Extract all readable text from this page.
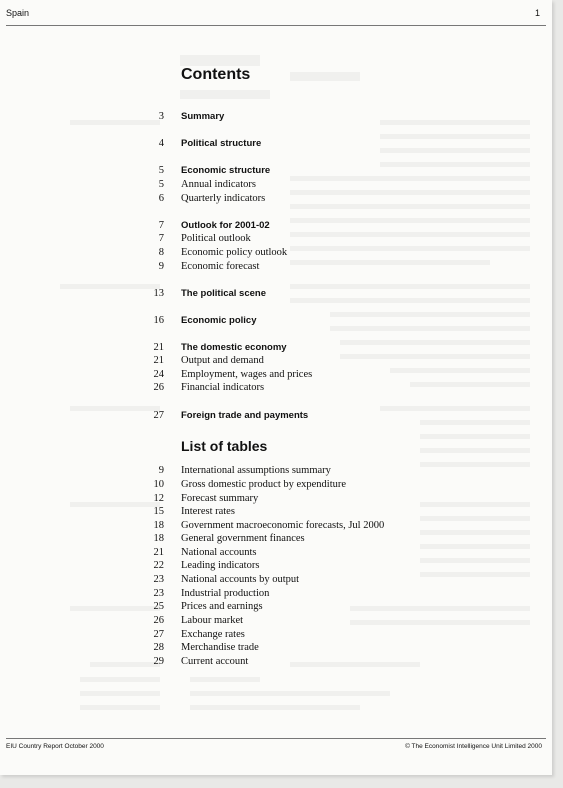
Spain	1
Contents
3 Summary
4 Political structure
5 Economic structure
5 Annual indicators
6 Quarterly indicators
7 Outlook for 2001-02
7 Political outlook
8 Economic policy outlook
9 Economic forecast
13 The political scene
16 Economic policy
21 The domestic economy
21 Output and demand
24 Employment, wages and prices
26 Financial indicators
27 Foreign trade and payments
List of tables
9 International assumptions summary
10 Gross domestic product by expenditure
12 Forecast summary
15 Interest rates
18 Government macroeconomic forecasts, Jul 2000
18 General government finances
21 National accounts
22 Leading indicators
23 National accounts by output
23 Industrial production
25 Prices and earnings
26 Labour market
27 Exchange rates
28 Merchandise trade
29 Current account
EIU Country Report October 2000	© The Economist Intelligence Unit Limited 2000
